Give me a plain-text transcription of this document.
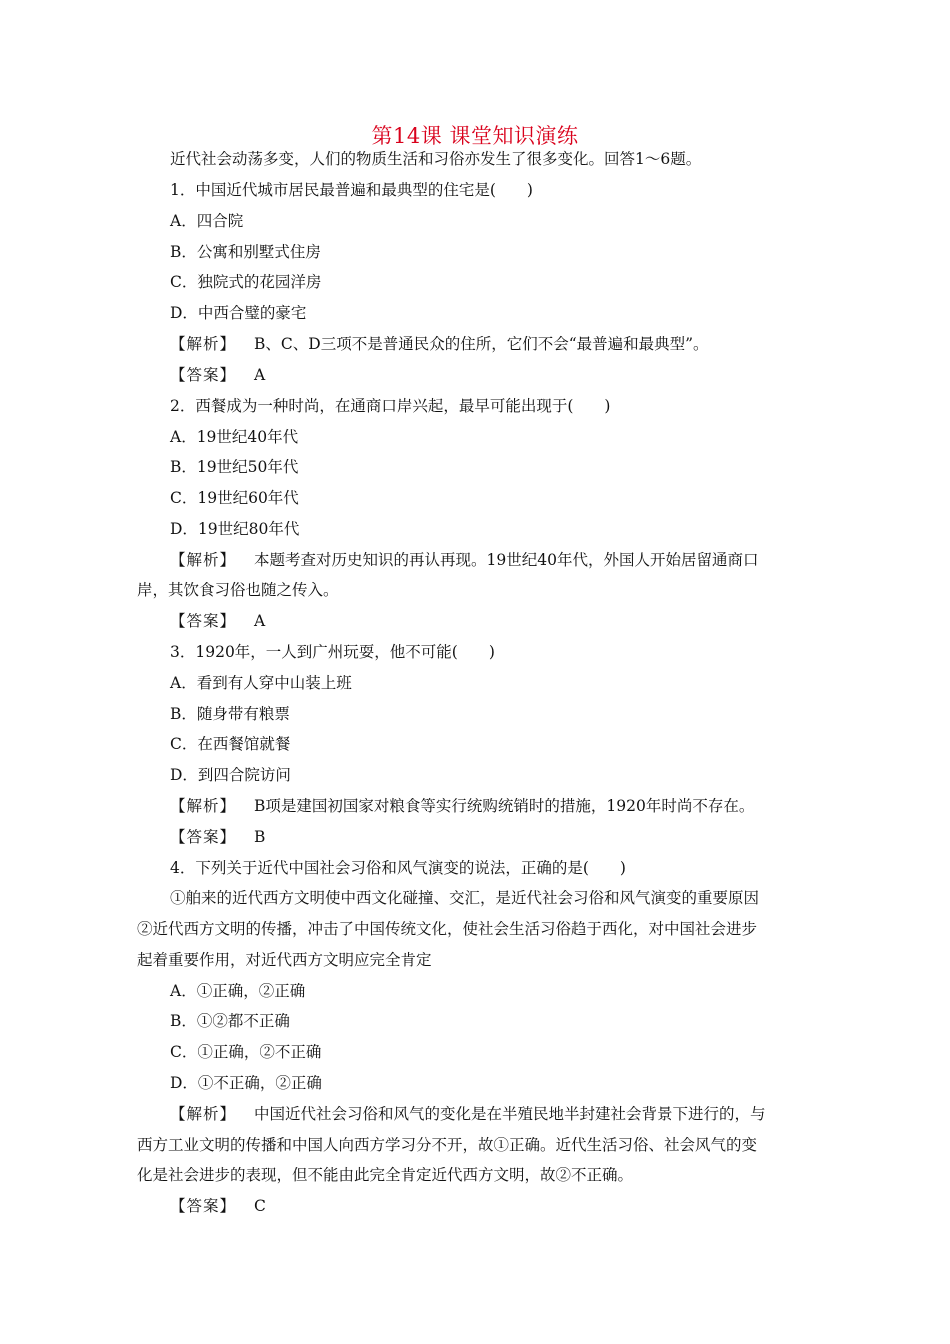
第14课 课堂知识演练
近代社会动荡多变，人们的物质生活和习俗亦发生了很多变化。回答1～6题。
1．中国近代城市居民最普遍和最典型的住宅是(　　)
A．四合院
B．公寓和别墅式住房
C．独院式的花园洋房
D．中西合璧的豪宅
【解析】 B、C、D三项不是普通民众的住所，它们不会“最普遍和最典型”。
【答案】 A
2．西餐成为一种时尚，在通商口岸兴起，最早可能出现于(　　)
A．19世纪40年代
B．19世纪50年代
C．19世纪60年代
D．19世纪80年代
【解析】 本题考查对历史知识的再认再现。19世纪40年代，外国人开始居留通商口
岸，其饮食习俗也随之传入。
【答案】 A
3．1920年，一人到广州玩耍，他不可能(　　)
A．看到有人穿中山装上班
B．随身带有粮票
C．在西餐馆就餐
D．到四合院访问
【解析】 B项是建国初国家对粮食等实行统购统销时的措施，1920年时尚不存在。
【答案】 B
4．下列关于近代中国社会习俗和风气演变的说法，正确的是(　　)
①舶来的近代西方文明使中西文化碰撞、交汇，是近代社会习俗和风气演变的重要原因
②近代西方文明的传播，冲击了中国传统文化，使社会生活习俗趋于西化，对中国社会进步
起着重要作用，对近代西方文明应完全肯定
A．①正确，②正确
B．①②都不正确
C．①正确，②不正确
D．①不正确，②正确
【解析】 中国近代社会习俗和风气的变化是在半殖民地半封建社会背景下进行的，与
西方工业文明的传播和中国人向西方学习分不开，故①正确。近代生活习俗、社会风气的变
化是社会进步的表现，但不能由此完全肯定近代西方文明，故②不正确。
【答案】 C
